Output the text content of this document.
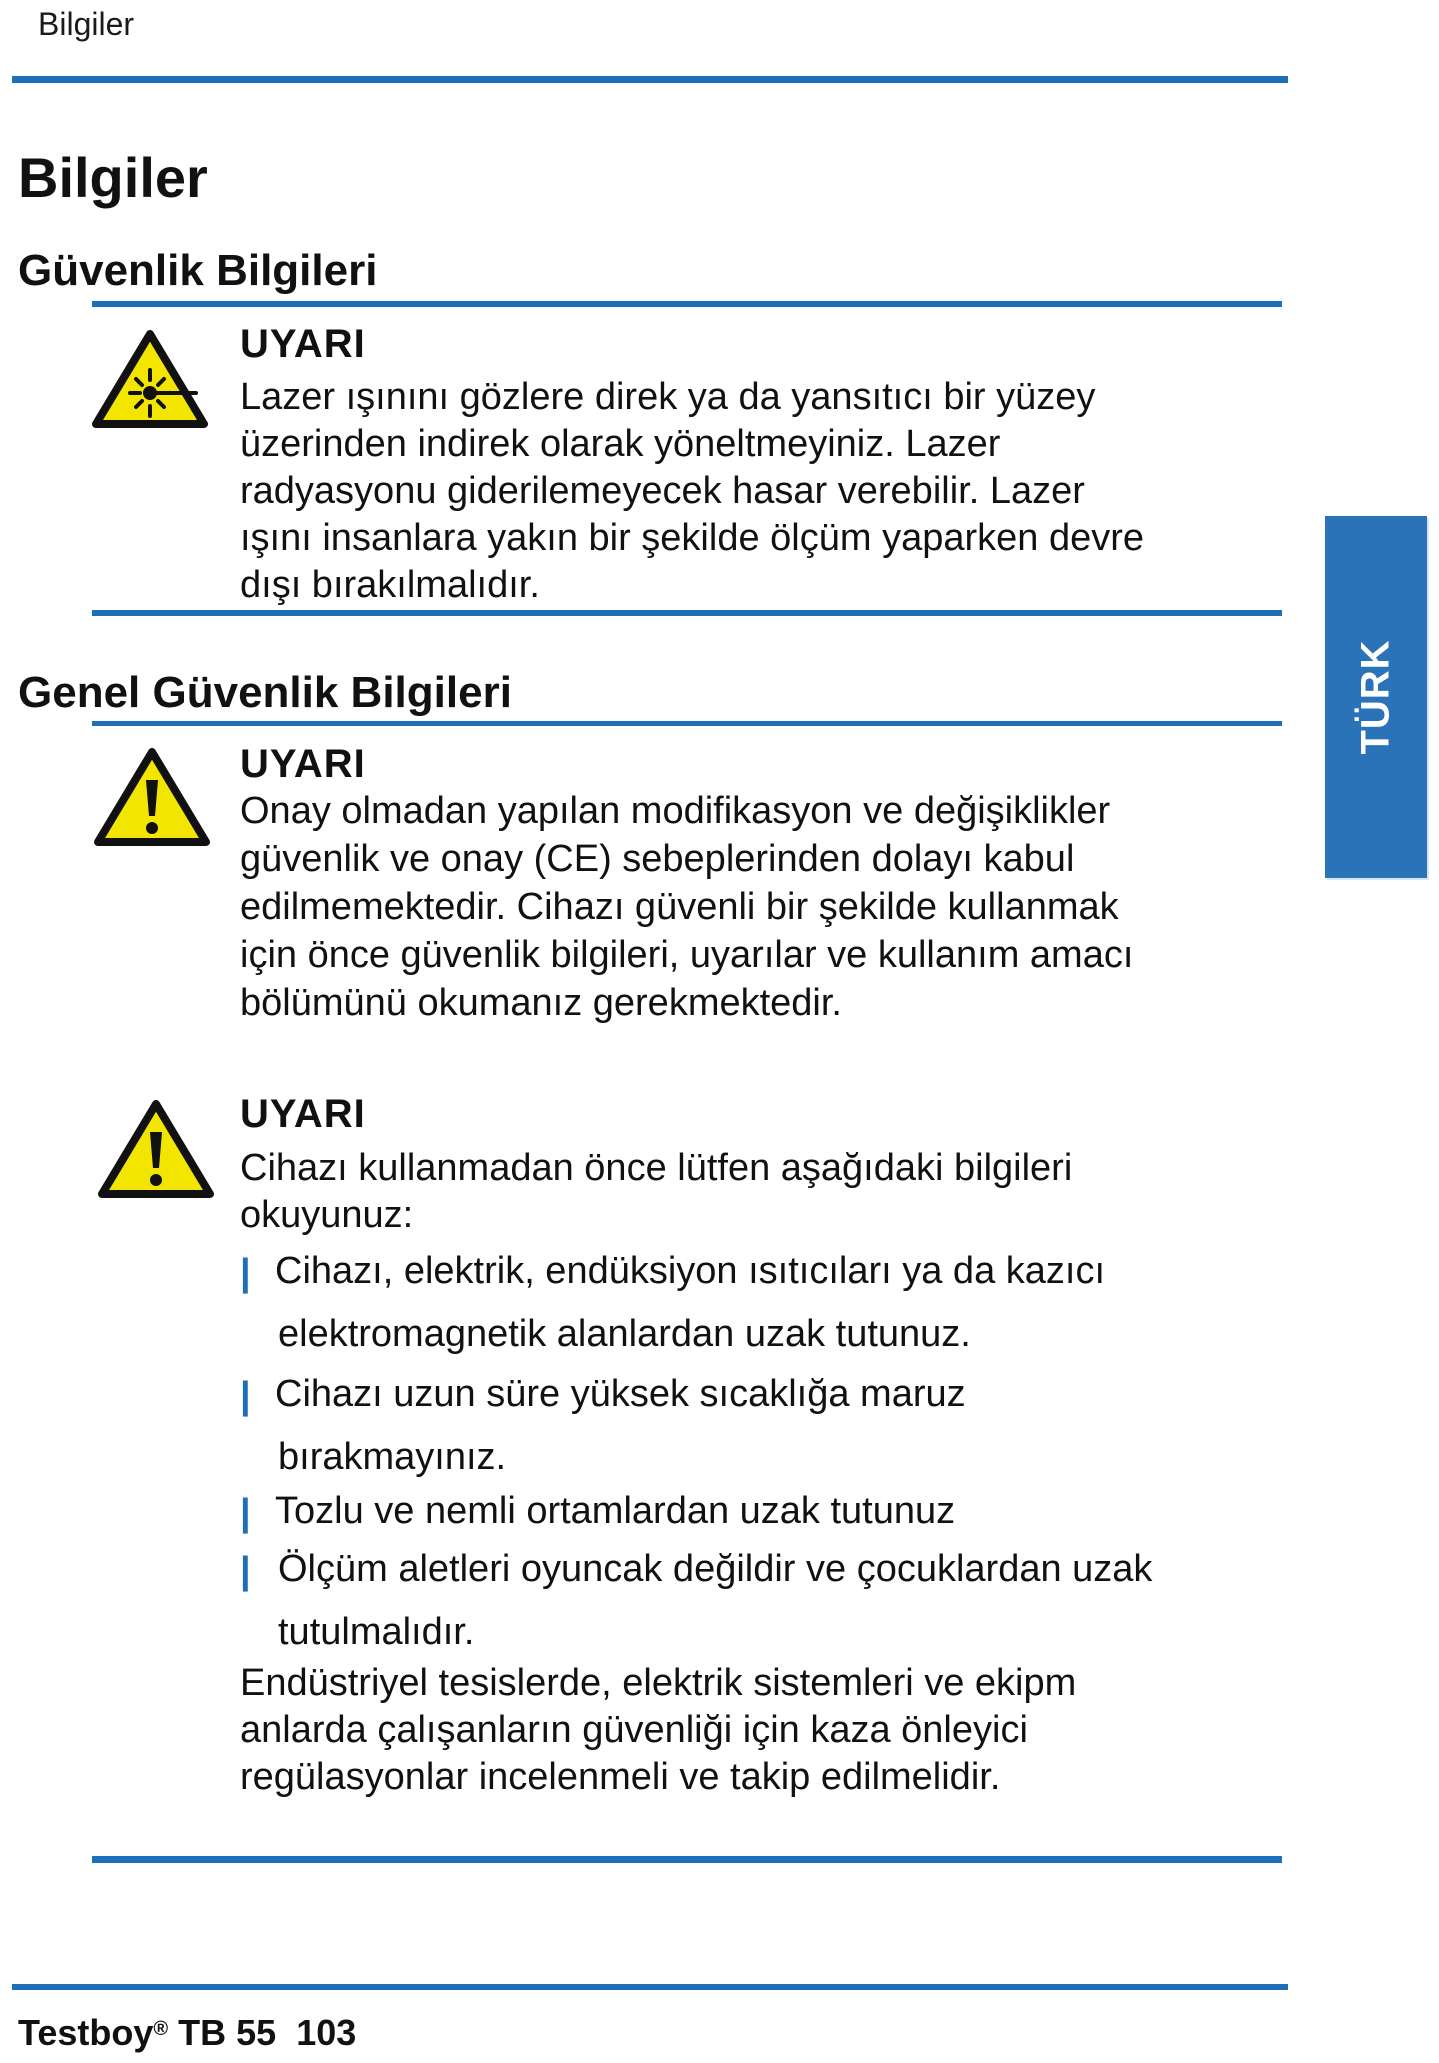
Bilgiler
Bilgiler
Güvenlik Bilgileri
UYARI
Lazer ışınını gözlere direk ya da yansıtıcı bir yüzey
üzerinden indirek olarak yöneltmeyiniz. Lazer
radyasyonu giderilemeyecek hasar verebilir. Lazer
ışını insanlara yakın bir şekilde ölçüm yaparken devre
dışı bırakılmalıdır.
Genel Güvenlik Bilgileri
UYARI
Onay olmadan yapılan modifikasyon ve değişiklikler
güvenlik ve onay (CE) sebeplerinden dolayı kabul
edilmemektedir. Cihazı güvenli bir şekilde kullanmak
için önce güvenlik bilgileri, uyarılar ve kullanım amacı
bölümünü okumanız gerekmektedir.
UYARI
Cihazı kullanmadan önce lütfen aşağıdaki bilgileri
okuyunuz:
| Cihazı, elektrik, endüksiyon ısıtıcıları ya da kazıcı
elektromagnetik alanlardan uzak tutunuz.
| Cihazı uzun süre yüksek sıcaklığa maruz
bırakmayınız.
| Tozlu ve nemli ortamlardan uzak tutunuz
| Ölçüm aletleri oyuncak değildir ve çocuklardan uzak
tutulmalıdır.
Endüstriyel tesislerde, elektrik sistemleri ve ekipm
anlarda çalışanların güvenliği için kaza önleyici
regülasyonlar incelenmeli ve takip edilmelidir.
TÜRK
Testboy® TB 55 103
